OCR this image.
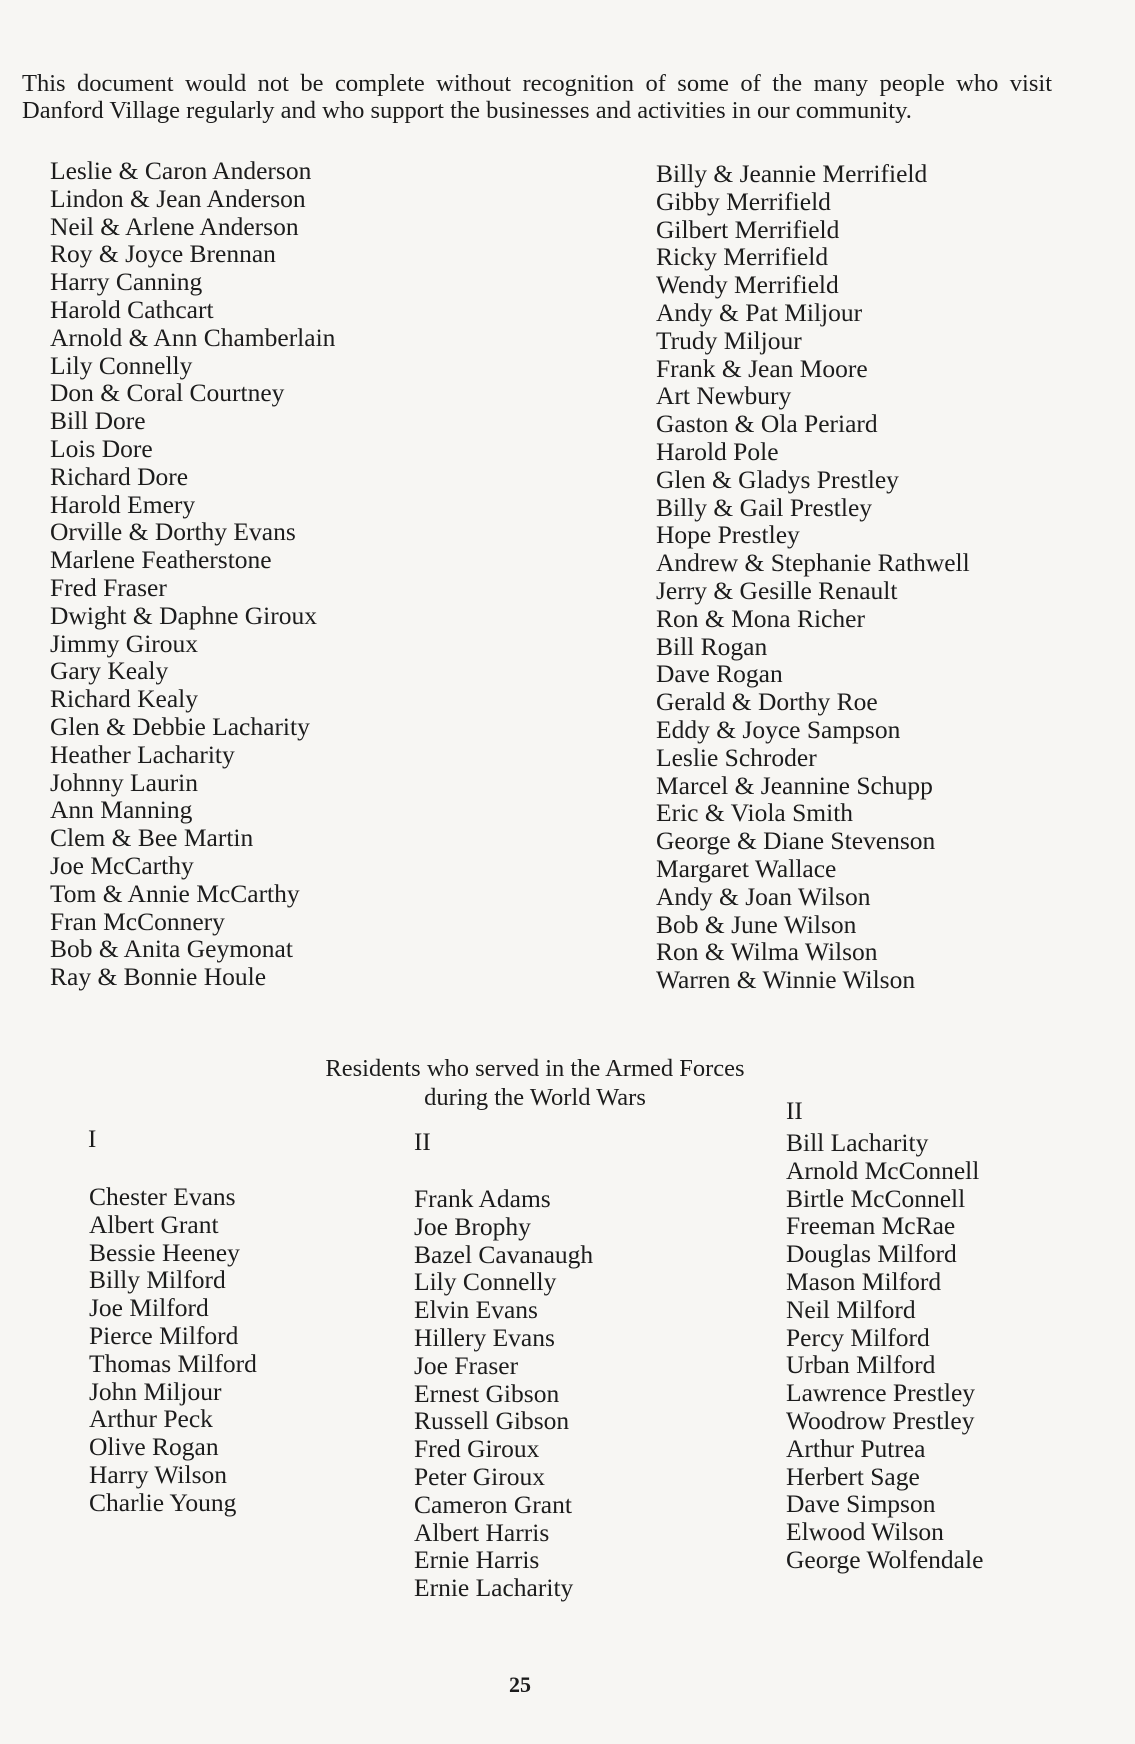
This document would not be complete without recognition of some of the many people who visit Danford Village regularly and who support the businesses and activities in our community.
Leslie & Caron Anderson
Lindon & Jean Anderson
Neil & Arlene Anderson
Roy & Joyce Brennan
Harry Canning
Harold Cathcart
Arnold & Ann Chamberlain
Lily Connelly
Don & Coral Courtney
Bill Dore
Lois Dore
Richard Dore
Harold Emery
Orville & Dorthy Evans
Marlene Featherstone
Fred Fraser
Dwight & Daphne Giroux
Jimmy Giroux
Gary Kealy
Richard Kealy
Glen & Debbie Lacharity
Heather Lacharity
Johnny Laurin
Ann Manning
Clem & Bee Martin
Joe McCarthy
Tom & Annie McCarthy
Fran McConnery
Bob & Anita Geymonat
Ray & Bonnie Houle
Billy & Jeannie Merrifield
Gibby Merrifield
Gilbert Merrifield
Ricky Merrifield
Wendy Merrifield
Andy & Pat Miljour
Trudy Miljour
Frank & Jean Moore
Art Newbury
Gaston & Ola Periard
Harold Pole
Glen & Gladys Prestley
Billy & Gail Prestley
Hope Prestley
Andrew & Stephanie Rathwell
Jerry & Gesille Renault
Ron & Mona Richer
Bill Rogan
Dave Rogan
Gerald & Dorthy Roe
Eddy & Joyce Sampson
Leslie Schroder
Marcel & Jeannine Schupp
Eric & Viola Smith
George & Diane Stevenson
Margaret Wallace
Andy & Joan Wilson
Bob & June Wilson
Ron & Wilma Wilson
Warren & Winnie Wilson
Residents who served in the Armed Forces
during the World Wars
I	II
II
Chester Evans
Albert Grant
Bessie Heeney
Billy Milford
Joe Milford
Pierce Milford
Thomas Milford
John Miljour
Arthur Peck
Olive Rogan
Harry Wilson
Charlie Young
Frank Adams
Joe Brophy
Bazel Cavanaugh
Lily Connelly
Elvin Evans
Hillery Evans
Joe Fraser
Ernest Gibson
Russell Gibson
Fred Giroux
Peter Giroux
Cameron Grant
Albert Harris
Ernie Harris
Ernie Lacharity
Bill Lacharity
Arnold McConnell
Birtle McConnell
Freeman McRae
Douglas Milford
Mason Milford
Neil Milford
Percy Milford
Urban Milford
Lawrence Prestley
Woodrow Prestley
Arthur Putrea
Herbert Sage
Dave Simpson
Elwood Wilson
George Wolfendale
25
